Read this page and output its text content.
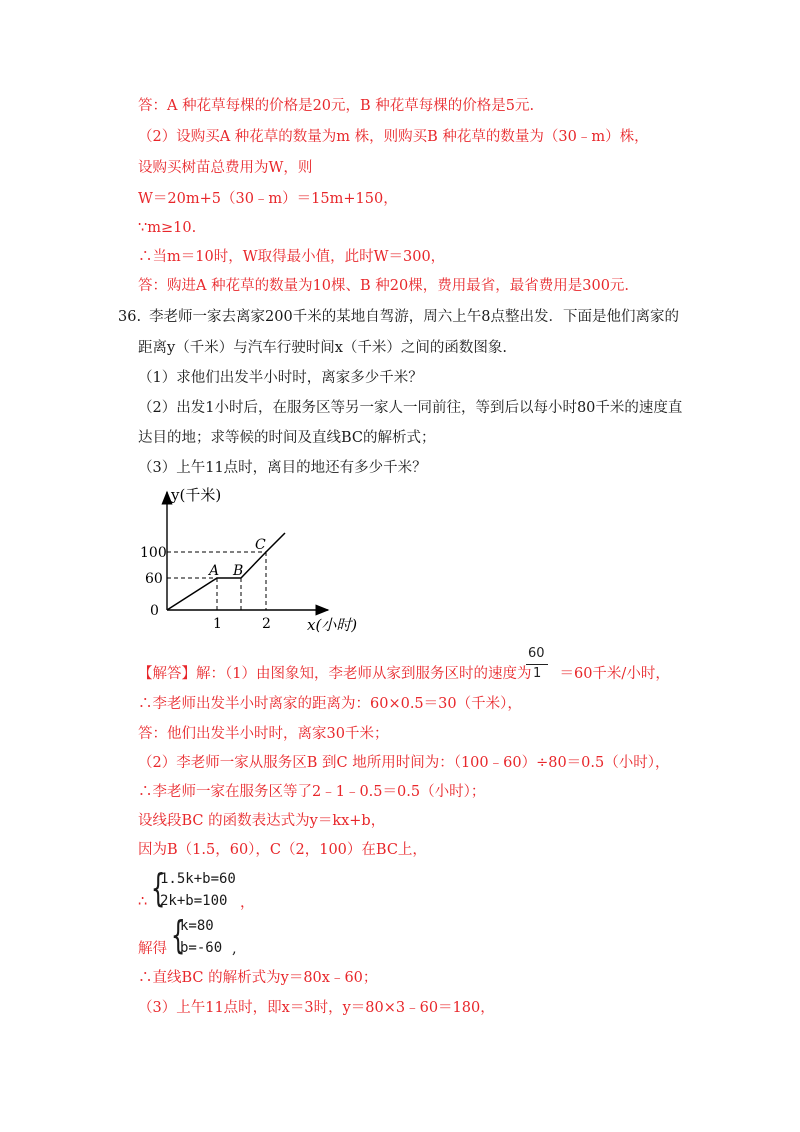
答：A 种花草每棵的价格是20元，B 种花草每棵的价格是5元.
（2）设购买A 种花草的数量为m 株，则购买B 种花草的数量为（30﹣m）株，
设购买树苗总费用为W，则
W＝20m+5（30﹣m）＝15m+150，
∵m≥10.
∴当m＝10时，W取得最小值，此时W＝300，
答：购进A 种花草的数量为10棵、B 种20棵，费用最省，最省费用是300元.
36. 李老师一家去离家200千米的某地自驾游，周六上午8点整出发．下面是他们离家的
距离y（千米）与汽车行驶时间x（千米）之间的函数图象.
（1）求他们出发半小时时，离家多少千米？
（2）出发1小时后，在服务区等另一家人一同前往，等到后以每小时80千米的速度直
达目的地；求等候的时间及直线BC的解析式；
（3）上午11点时，离目的地还有多少千米？
y(千米)
x(小时)
0
100
60
1	2
A B
C
【解答】解：（1）由图象知，李老师从家到服务区时的速度为 ＝60千米/小时，
60
1
∴李老师出发半小时离家的距离为：60×0.5＝30（千米），
答：他们出发半小时时，离家30千米；
（2）李老师一家从服务区B 到C 地所用时间为：（100﹣60）÷80＝0.5（小时），
∴李老师一家在服务区等了2﹣1﹣0.5＝0.5（小时）；
设线段BC 的函数表达式为y＝kx+b，
因为B（1.5，60），C（2，100）在BC上，
{
1.5k+b=60
2k+b=100
∴	，
解得 {
k=80
b=-60 ,
∴直线BC 的解析式为y＝80x﹣60；
（3）上午11点时，即x＝3时，y＝80×3﹣60＝180，
